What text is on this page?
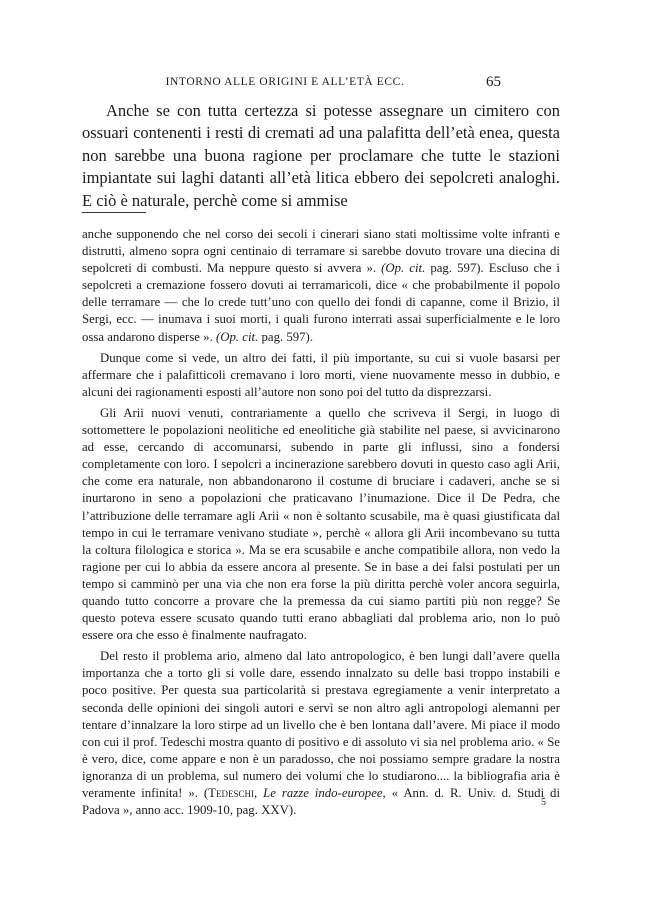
INTORNO ALLE ORIGINI E ALL’ETÀ ECC.	65

Anche se con tutta certezza si potesse assegnare un cimitero con ossuari contenenti i resti di cremati ad una palafitta dell’età enea, questa non sarebbe una buona ragione per proclamare che tutte le stazioni impiantate sui laghi datanti all’età litica ebbero dei sepolcreti analoghi. E ciò è naturale, perchè come si ammise

anche supponendo che nel corso dei secoli i cinerari siano stati moltissime volte infranti e distrutti, almeno sopra ogni centinaio di terramare si sarebbe dovuto trovare una diecina di sepolcreti di combusti. Ma neppure questo si avvera ». (Op. cit. pag. 597). Escluso che i sepolcreti a cremazione fossero dovuti ai terramaricoli, dice « che probabilmente il popolo delle terramare — che lo crede tutt’uno con quello dei fondi di capanne, come il Brizio, il Sergi, ecc. — inumava i suoi morti, i quali furono interrati assai superficialmente e le loro ossa andarono disperse ». (Op. cit. pag. 597).

Dunque come si vede, un altro dei fatti, il più importante, su cui si vuole basarsi per affermare che i palafitticoli cremavano i loro morti, viene nuovamente messo in dubbio, e alcuni dei ragionamenti esposti all’autore non sono poi del tutto da disprezzarsi.

Gli Arii nuovi venuti, contrariamente a quello che scriveva il Sergi, in luogo di sottomettere le popolazioni neolitiche ed eneolitiche già stabilite nel paese, si avvicinarono ad esse, cercando di accomunarsi, subendo in parte gli influssi, sino a fondersi completamente con loro. I sepolcri a incinerazione sarebbero dovuti in questo caso agli Arii, che come era naturale, non abbandonarono il costume di bruciare i cadaveri, anche se si inurtarono in seno a popolazioni che praticavano l’inumazione. Dice il De Pedra, che l’attribuzione delle terramare agli Arii « non è soltanto scusabile, ma è quasi giustificata dal tempo in cui le terramare venivano studiate », perchè « allora gli Arii incombevano su tutta la coltura filologica e storica ». Ma se era scusabile e anche compatibile allora, non vedo la ragione per cui lo abbia da essere ancora al presente. Se in base a dei falsi postulati per un tempo si camminò per una via che non era forse la più diritta perchè voler ancora seguirla, quando tutto concorre a provare che la premessa da cui siamo partiti più non regge? Se questo poteva essere scusato quando tutti erano abbagliati dal problema ario, non lo può essere ora che esso è finalmente naufragato.

Del resto il problema ario, almeno dal lato antropologico, è ben lungi dall’avere quella importanza che a torto gli si volle dare, essendo innalzato su delle basi troppo instabili e poco positive. Per questa sua particolarità si prestava egregiamente a venir interpretato a seconda delle opinioni dei singoli autori e servì se non altro agli antropologi alemanni per tentare d’innalzare la loro stirpe ad un livello che è ben lontana dall’avere. Mi piace il modo con cui il prof. Tedeschi mostra quanto di positivo e di assoluto vi sia nel problema ario. « Se è vero, dice, come appare e non è un paradosso, che noi possiamo sempre gradare la nostra ignoranza di un problema, sul numero dei volumi che lo studiarono.... la bibliografia aria è veramente infinita! ». (Tedeschi, Le razze indo-europee, « Ann. d. R. Univ. d. Studi di Padova », anno acc. 1909-10, pag. XXV).

5
